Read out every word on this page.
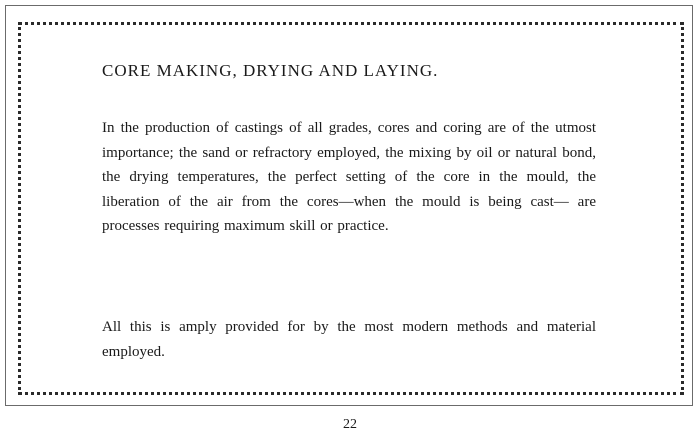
CORE MAKING, DRYING AND LAYING.

In the production of castings of all grades, cores and coring are of the utmost importance; the sand or refractory employed, the mixing by oil or natural bond, the drying temperatures, the perfect setting of the core in the mould, the liberation of the air from the cores—when the mould is being cast— are processes requiring maximum skill or practice.

All this is amply provided for by the most modern methods and material employed.

22
